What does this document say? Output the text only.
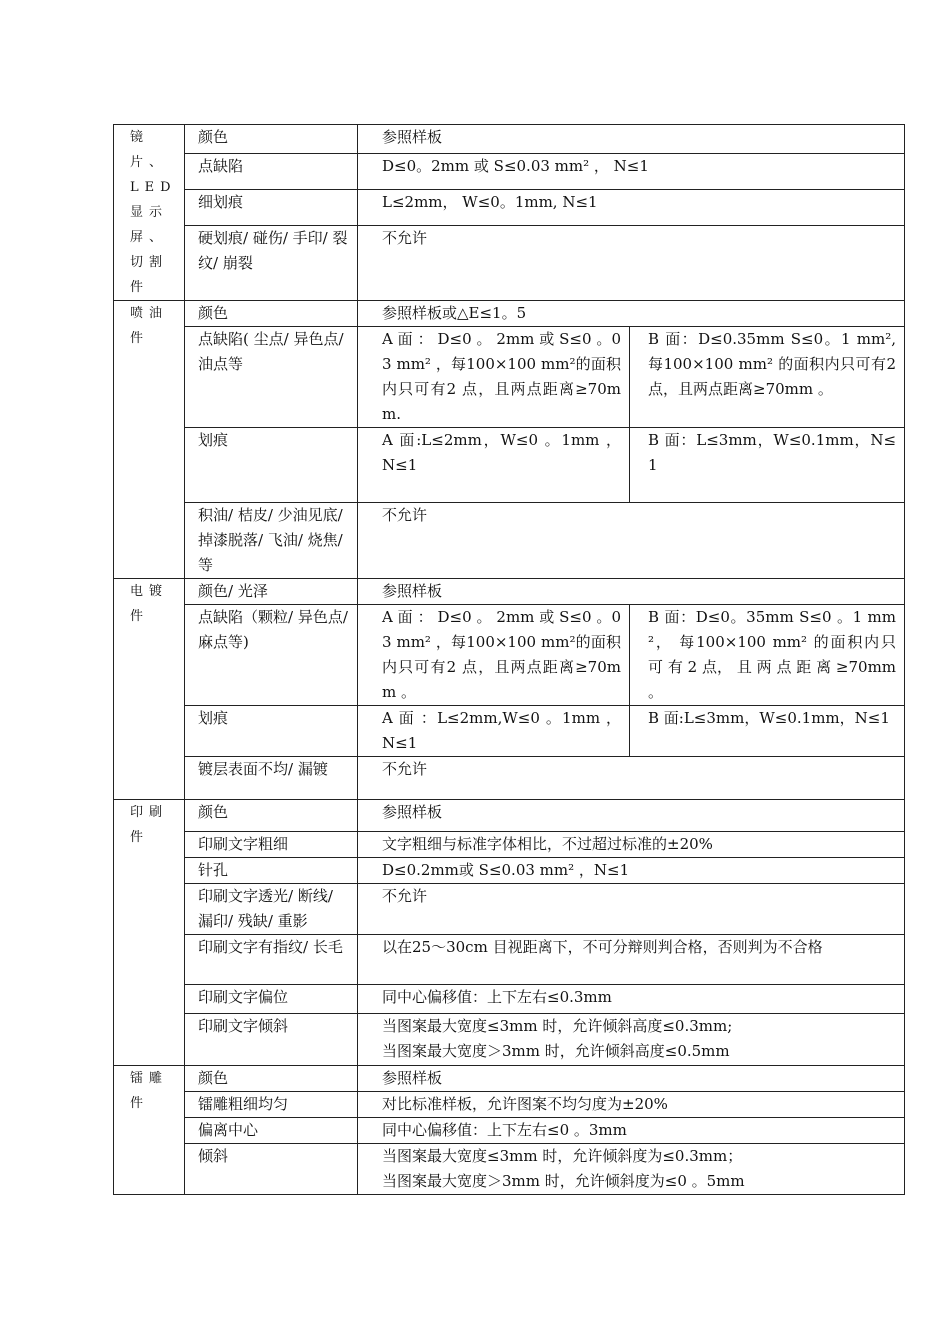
镜片、LED显示屏、切割件	颜色	参照样板	
	点缺陷	D≤0。2mm 或 S≤0.03 mm² ， N≤1	
	细划痕	L≤2mm， W≤0。1mm, N≤1	
	硬划痕/ 碰伤/ 手印/ 裂纹/ 崩裂	不允许	
喷油件	颜色	参照样板或△E≤1。5	
	点缺陷( 尘点/ 异色点/ 油点等	A 面 ： D≤0 。 2mm 或 S≤0 。03 mm² ，每100×100 mm²的面积内只可有2 点，且两点距离≥70mm.	B 面：D≤0.35mm S≤0。1 mm²,每100×100 mm² 的面积内只可有2点，且两点距离≥70mm 。
	划痕	A 面:L≤2mm，W≤0 。1mm ，N≤1	B 面：L≤3mm，W≤0.1mm，N≤1
	积油/ 桔皮/ 少油见底/ 掉漆脱落/ 飞油/ 烧焦/ 等	不允许	
电镀件	颜色/ 光泽	参照样板	
	点缺陷（颗粒/ 异色点/ 麻点等)	A 面 ： D≤0 。 2mm 或 S≤0 。03 mm² ，每100×100 mm²的面积内只可有2 点，且两点距离≥70mm 。	B 面：D≤0。35mm S≤0 。1 mm²， 每100×100 mm² 的面积内只 可 有 2 点， 且 两 点 距 离 ≥70mm 。
	划痕	A 面 ：L≤2mm,W≤0 。1mm ，N≤1	B 面:L≤3mm，W≤0.1mm，N≤1
	镀层表面不均/ 漏镀	不允许	
印刷件	颜色	参照样板	
	印刷文字粗细	文字粗细与标准字体相比，不过超过标准的±20%	
	针孔	D≤0.2mm或 S≤0.03 mm² ，N≤1	
	印刷文字透光/ 断线/ 漏印/ 残缺/ 重影	不允许	
	印刷文字有指纹/ 长毛	以在25～30cm 目视距离下，不可分辩则判合格，否则判为不合格	
	印刷文字偏位	同中心偏移值：上下左右≤0.3mm	
	印刷文字倾斜	当图案最大宽度≤3mm 时，允许倾斜高度≤0.3mm;
当图案最大宽度＞3mm 时，允许倾斜高度≤0.5mm	
镭雕件	颜色	参照样板	
	镭雕粗细均匀	对比标准样板，允许图案不均匀度为±20%	
	偏离中心	同中心偏移值：上下左右≤0 。3mm	
	倾斜	当图案最大宽度≤3mm 时，允许倾斜度为≤0.3mm；
当图案最大宽度＞3mm 时，允许倾斜度为≤0 。5mm	
